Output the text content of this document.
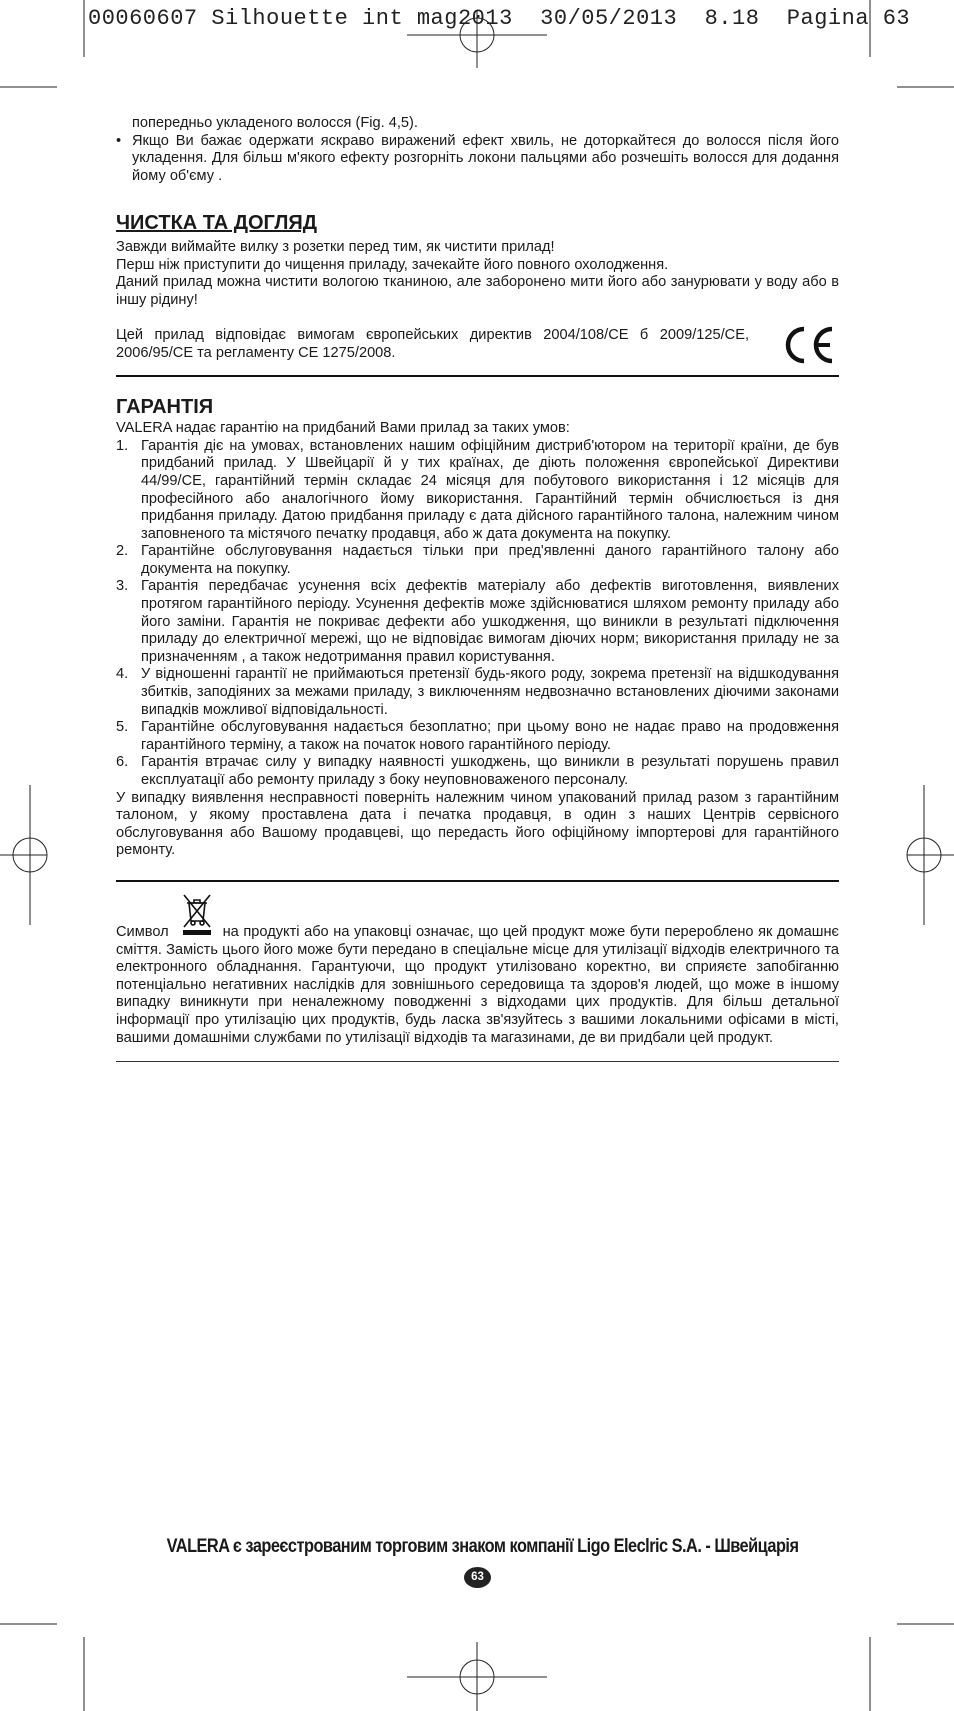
00060607 Silhouette int mag2013  30/05/2013  8.18  Pagina 63

попередньо укладеного волосся (Fig. 4,5).

• Якщо Ви бажає одержати яскраво виражений ефект хвиль, не доторкайтеся до волосся після його укладення. Для більш м'якого ефекту розгорніть локони пальцями або розчешіть волосся для додання йому об'єму .

ЧИСТКА ТА ДОГЛЯД

Завжди виймайте вилку з розетки перед тим, як чистити прилад!

Перш ніж приступити до чищення приладу, зачекайте його повного охолодження.

Даний прилад можна чистити вологою тканиною, але заборонено мити його або занурювати у воду або в іншу рідину!

Цей прилад відповідає вимогам європейських директив 2004/108/CE б 2009/125/CE, 2006/95/CE та регламенту CE 1275/2008.

ГАРАНТІЯ

VALERA надає гарантію на придбаний Вами прилад за таких умов:

1. Гарантія діє на умовах, встановлених нашим офіційним дистриб'ютором на території країни, де був придбаний прилад. У Швейцарії й у тих країнах, де діють положення європейської Директиви 44/99/CE, гарантійний термін складає 24 місяця для побутового використання і 12 місяців для професійного або аналогічного йому використання. Гарантійний термін обчислюється із дня придбання приладу. Датою придбання приладу є дата дійсного гарантійного талона, належним чином заповненого та містячого печатку продавця, або ж дата документа на покупку.
2. Гарантійне обслуговування надається тільки при пред'явленні даного гарантійного талону або документа на покупку.
3. Гарантія передбачає усунення всіх дефектів матеріалу або дефектів виготовлення, виявлених протягом гарантійного періоду. Усунення дефектів може здійснюватися шляхом ремонту приладу або його заміни. Гарантія не покриває дефекти або ушкодження, що виникли в результаті підключення приладу до електричної мережі, що не відповідає вимогам діючих норм; використання приладу не за призначенням , а також недотримання правил користування.
4. У відношенні гарантії не приймаються претензії будь-якого роду, зокрема претензії на відшкодування збитків, заподіяних за межами приладу, з виключенням недвозначно встановлених діючими законами випадків можливої відповідальності.
5. Гарантійне обслуговування надається безоплатно; при цьому воно не надає право на продовження гарантійного терміну, а також на початок нового гарантійного періоду.
6. Гарантія втрачає силу у випадку наявності ушкоджень, що виникли в результаті порушень правил експлуатації або ремонту приладу з боку неуповноваженого персоналу.

У випадку виявлення несправності поверніть належним чином упакований прилад разом з гарантійним талоном, у якому проставлена дата і печатка продавця, в один з наших Центрів сервісного обслуговування або Вашому продавцеві, що передасть його офіційному імпортерові для гарантійного ремонту.

Символ	на продукті або на упаковці означає, що цей продукт може бути перероблено як домашнє сміття. Замість цього його може бути передано в спеціальне місце для утилізації відходів електричного та електронного обладнання. Гарантуючи, що продукт утилізовано коректно, ви сприяєте запобіганню потенціально негативних наслідків для зовнішнього середовища та здоров'я людей, що може в іншому випадку виникнути при неналежному поводженні з відходами цих продуктів. Для більш детальної інформації про утилізацію цих продуктів, будь ласка зв'язуйтесь з вашими локальними офісами в місті, вашими домашніми службами по утилізації відходів та магазинами, де ви придбали цей продукт.

VALERA є зареєстрованим торговим знаком компанії Ligo Eleclric S.A. - Швейцарія
63
